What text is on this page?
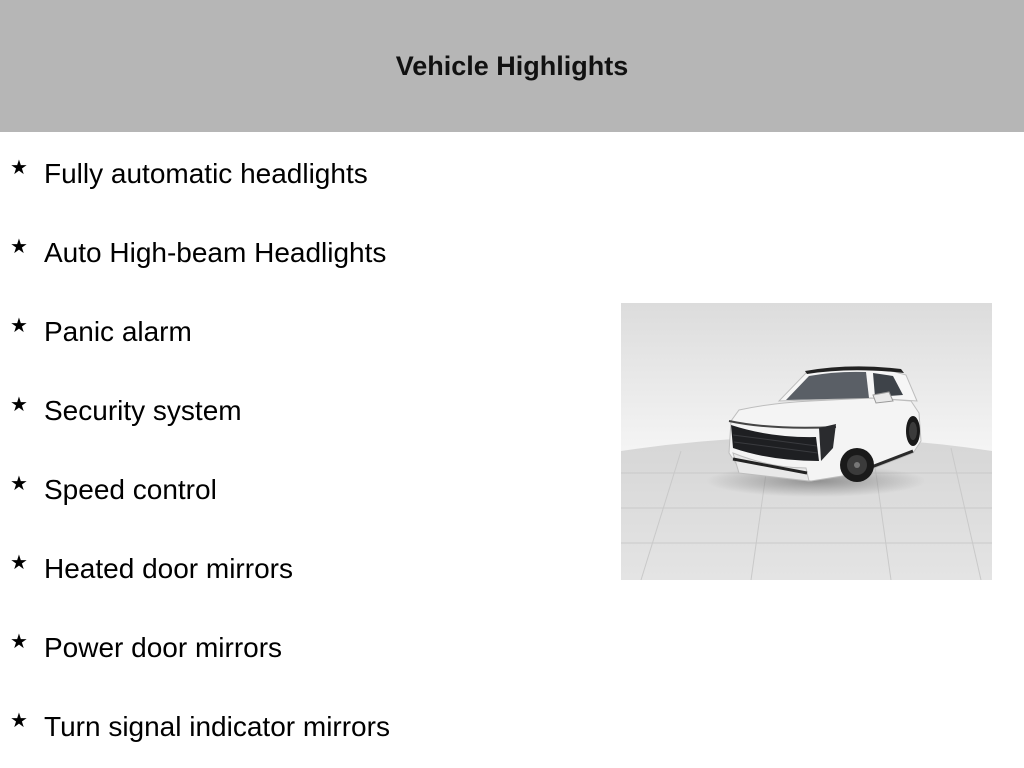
Vehicle Highlights
★ Fully automatic headlights
★ Auto High-beam Headlights
★ Panic alarm
★ Security system
★ Speed control
★ Heated door mirrors
★ Power door mirrors
★ Turn signal indicator mirrors
